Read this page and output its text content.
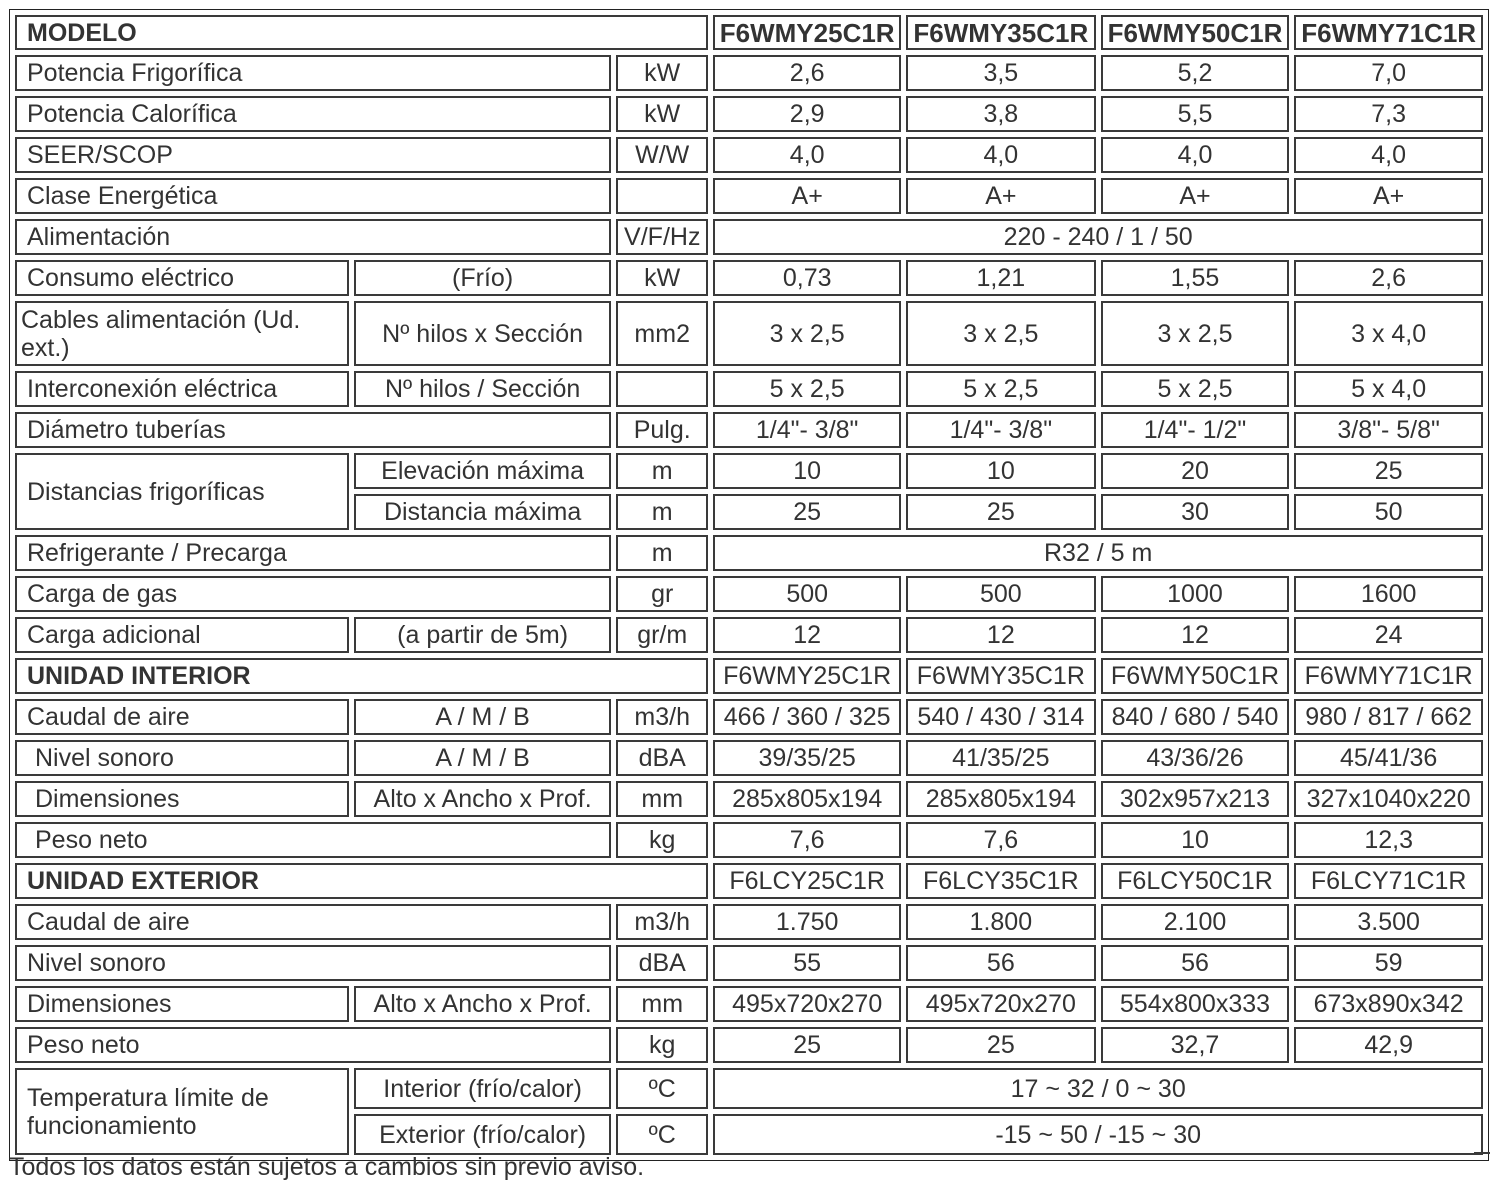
MODELO			F6WMY25C1R	F6WMY35C1R	F6WMY50C1R	F6WMY71C1R
Potencia Frigorífica		kW	2,6	3,5	5,2	7,0
Potencia Calorífica		kW	2,9	3,8	5,5	7,3
SEER/SCOP		W/W	4,0	4,0	4,0	4,0
Clase Energética			A+	A+	A+	A+
Alimentación		V/F/Hz	220 - 240 / 1 / 50			
Consumo eléctrico	(Frío)	kW	0,73	1,21	1,55	2,6
Cables alimentación (Ud. ext.)	Nº hilos x Sección	mm2	3 x 2,5	3 x 2,5	3 x 2,5	3 x 4,0
Interconexión eléctrica	Nº hilos / Sección		5 x 2,5	5 x 2,5	5 x 2,5	5 x 4,0
Diámetro tuberías		Pulg.	1/4"- 3/8"	1/4"- 3/8"	1/4"- 1/2"	3/8"- 5/8"
Distancias frigoríficas	Elevación máxima	m	10	10	20	25
	Distancia máxima	m	25	25	30	50
Refrigerante / Precarga		m	R32 / 5 m			
Carga de gas		gr	500	500	1000	1600
Carga adicional	(a partir de 5m)	gr/m	12	12	12	24
UNIDAD INTERIOR			F6WMY25C1R	F6WMY35C1R	F6WMY50C1R	F6WMY71C1R
Caudal de aire	A / M / B	m3/h	466 / 360 / 325	540 / 430 / 314	840 / 680 / 540	980 / 817 / 662
Nivel sonoro	A / M / B	dBA	39/35/25	41/35/25	43/36/26	45/41/36
Dimensiones	Alto x Ancho x Prof.	mm	285x805x194	285x805x194	302x957x213	327x1040x220
Peso neto		kg	7,6	7,6	10	12,3
UNIDAD EXTERIOR			F6LCY25C1R	F6LCY35C1R	F6LCY50C1R	F6LCY71C1R
Caudal de aire		m3/h	1.750	1.800	2.100	3.500
Nivel sonoro		dBA	55	56	56	59
Dimensiones	Alto x Ancho x Prof.	mm	495x720x270	495x720x270	554x800x333	673x890x342
Peso neto		kg	25	25	32,7	42,9
Temperatura límite de funcionamiento	Interior (frío/calor)	ºC	17 ~ 32 / 0 ~ 30			
	Exterior (frío/calor)	ºC	-15 ~ 50 / -15 ~ 30			
Todos los datos están sujetos a cambios sin previo aviso.
